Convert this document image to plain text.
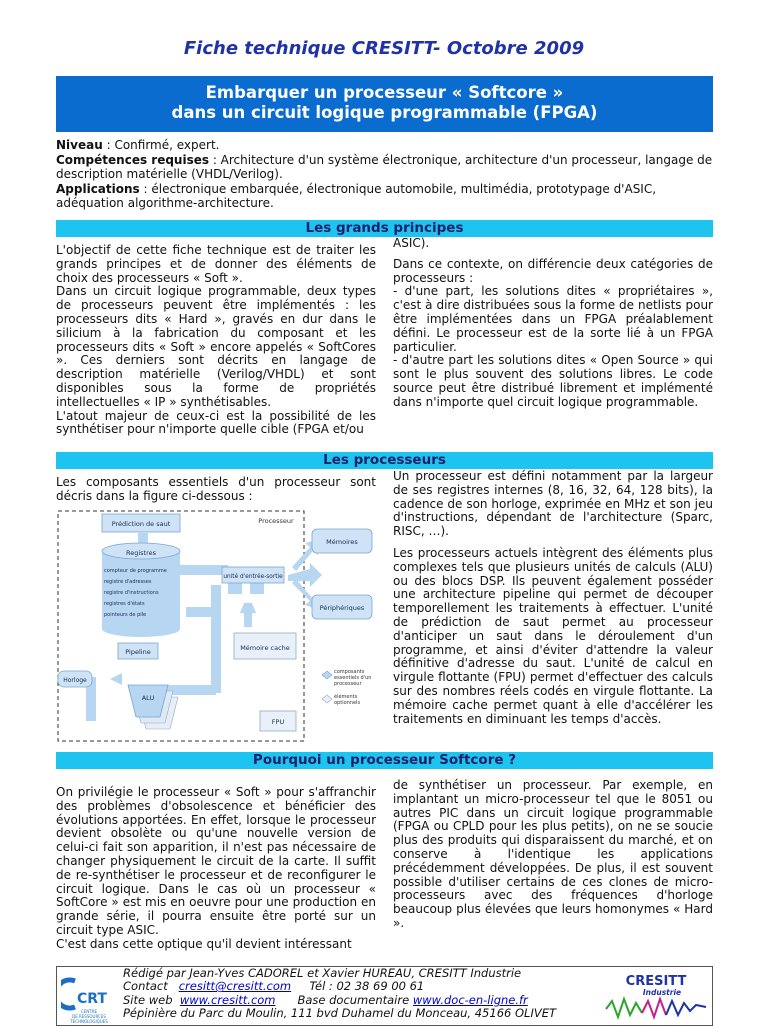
Fiche technique CRESITT- Octobre 2009
Embarquer un processeur « Softcore »
dans un circuit logique programmable (FPGA)
Niveau : Confirmé, expert.
Compétences requises : Architecture d'un système électronique, architecture d'un processeur, langage de description matérielle (VHDL/Verilog).
Applications : électronique embarquée, électronique automobile, multimédia, prototypage d'ASIC, adéquation algorithme-architecture.
Les grands principes

L'objectif de cette fiche technique est de traiter les grands principes et de donner des éléments de choix des processeurs « Soft ».

Dans un circuit logique programmable, deux types de processeurs peuvent être implémentés : les processeurs dits « Hard », gravés en dur dans le silicium à la fabrication du composant et les processeurs dits « Soft » encore appelés « SoftCores ». Ces derniers sont décrits en langage de description matérielle (Verilog/VHDL) et sont disponibles sous la forme de propriétés intellectuelles « IP » synthétisables.

L'atout majeur de ceux-ci est la possibilité de les synthétiser pour n'importe quelle cible (FPGA et/ou

ASIC).

Dans ce contexte, on différencie deux catégories de processeurs :

- d'une part, les solutions dites « propriétaires », c'est à dire distribuées sous la forme de netlists pour être implémentées dans un FPGA préalablement défini. Le processeur est de la sorte lié à un FPGA particulier.

- d'autre part les solutions dites « Open Source » qui sont le plus souvent des solutions libres. Le code source peut être distribué librement et implémenté dans n'importe quel circuit logique programmable.

Les processeurs

Les composants essentiels d'un processeur sont décris dans la figure ci-dessous :

Un processeur est défini notamment par la largeur de ses registres internes (8, 16, 32, 64, 128 bits), la cadence de son horloge, exprimée en MHz et son jeu d'instructions, dépendant de l'architecture (Sparc, RISC, …).

Les processeurs actuels intègrent des éléments plus complexes tels que plusieurs unités de calculs (ALU) ou des blocs DSP. Ils peuvent également posséder une architecture pipeline qui permet de découper temporellement les traitements à effectuer. L'unité de prédiction de saut permet au processeur d'anticiper un saut dans le déroulement d'un programme, et ainsi d'éviter d'attendre la valeur définitive d'adresse du saut. L'unité de calcul en virgule flottante (FPU) permet d'effectuer des calculs sur des nombres réels codés en virgule flottante. La mémoire cache permet quant à elle d'accélérer les traitements en diminuant les temps d'accès.

Processeur
Prédiction de saut
Registres
compteur de programme
registre d'adresses
registre d'instructions
registres d'états
pointeurs de pile
unité d'entrée-sortie
Mémoires
Périphériques
Pipeline
Horloge
ALU
Mémoire cache
FPU
composants
essentiels d'un
processeur
éléments
optionnels
Pourquoi un processeur Softcore ?

On privilégie le processeur « Soft » pour s'affranchir des problèmes d'obsolescence et bénéficier des évolutions apportées. En effet, lorsque le processeur devient obsolète ou qu'une nouvelle version de celui-ci fait son apparition, il n'est pas nécessaire de changer physiquement le circuit de la carte. Il suffit de re-synthétiser le processeur et de reconfigurer le circuit logique. Dans le cas où un processeur « SoftCore » est mis en oeuvre pour une production en grande série, il pourra ensuite être porté sur un circuit type ASIC.

C'est dans cette optique qu'il devient intéressant

de synthétiser un processeur. Par exemple, en implantant un micro-processeur tel que le 8051 ou autres PIC dans un circuit logique programmable (FPGA ou CPLD pour les plus petits), on ne se soucie plus des produits qui disparaissent du marché, et on conserve à l'identique les applications précédemment développées. De plus, il est souvent possible d'utiliser certains de ces clones de micro-processeurs avec des fréquences d'horloge beaucoup plus élevées que leurs homonymes « Hard ».

CRT
CENTRE
DE RESSOURCES
TECHNOLOGIQUES
Rédigé par Jean-Yves CADOREL et Xavier HUREAU, CRESITT Industrie
Contact cresitt@cresitt.com Tél : 02 38 69 00 61
Site web www.cresitt.com Base documentaire www.doc-en-ligne.fr
Pépinière du Parc du Moulin, 111 bvd Duhamel du Monceau, 45166 OLIVET
CRESITT
Industrie
